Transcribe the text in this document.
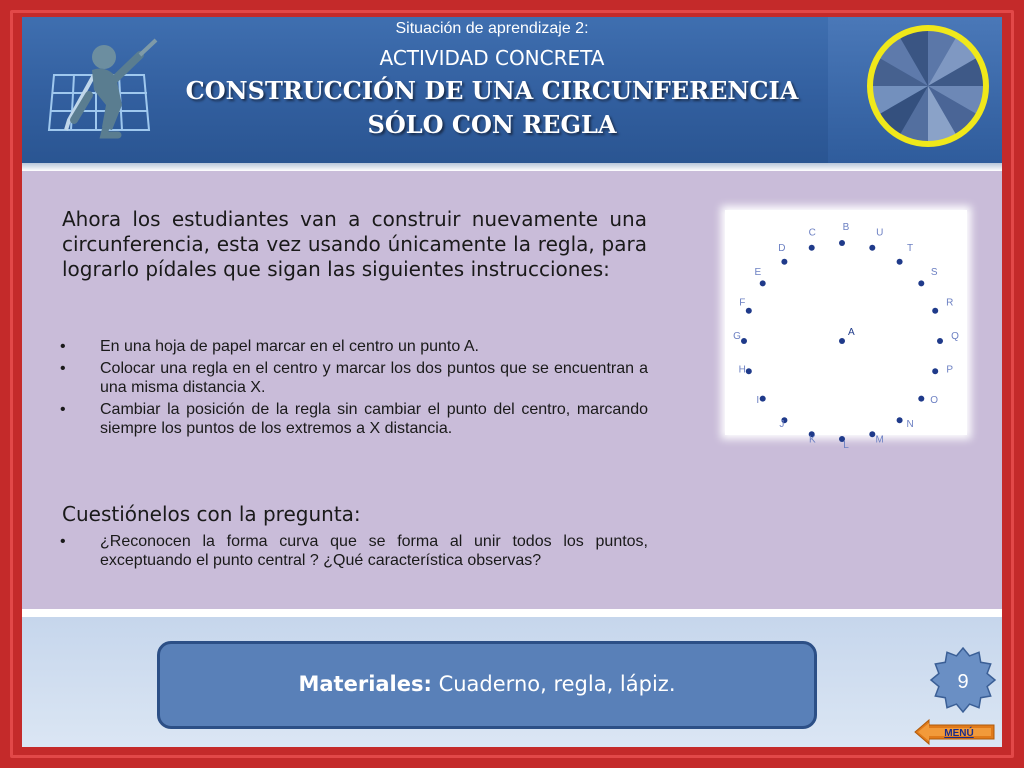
Situación de aprendizaje 2:
ACTIVIDAD CONCRETA
CONSTRUCCIÓN DE UNA CIRCUNFERENCIA
SÓLO CON REGLA
Ahora los estudiantes van a construir nuevamente una circunferencia, esta vez usando únicamente la regla, para lograrlo pídales que sigan las siguientes instrucciones:
• En una hoja de papel marcar en el centro un punto A.
• Colocar una regla en el centro y marcar los dos puntos que se encuentran a una misma distancia X.
• Cambiar la posición de la regla sin cambiar el punto del centro, marcando siempre los puntos de los extremos a X distancia.
Cuestiónelos con la pregunta:
• ¿Reconocen la forma curva que se forma al unir todos los puntos, exceptuando el punto central ? ¿Qué característica observas?
A
B	U
T
S
R
Q
P
O
N
M
L
K
J
I
H
G
F
E
D
C
Materiales: Cuaderno, regla, lápiz.	9
MENÚ
